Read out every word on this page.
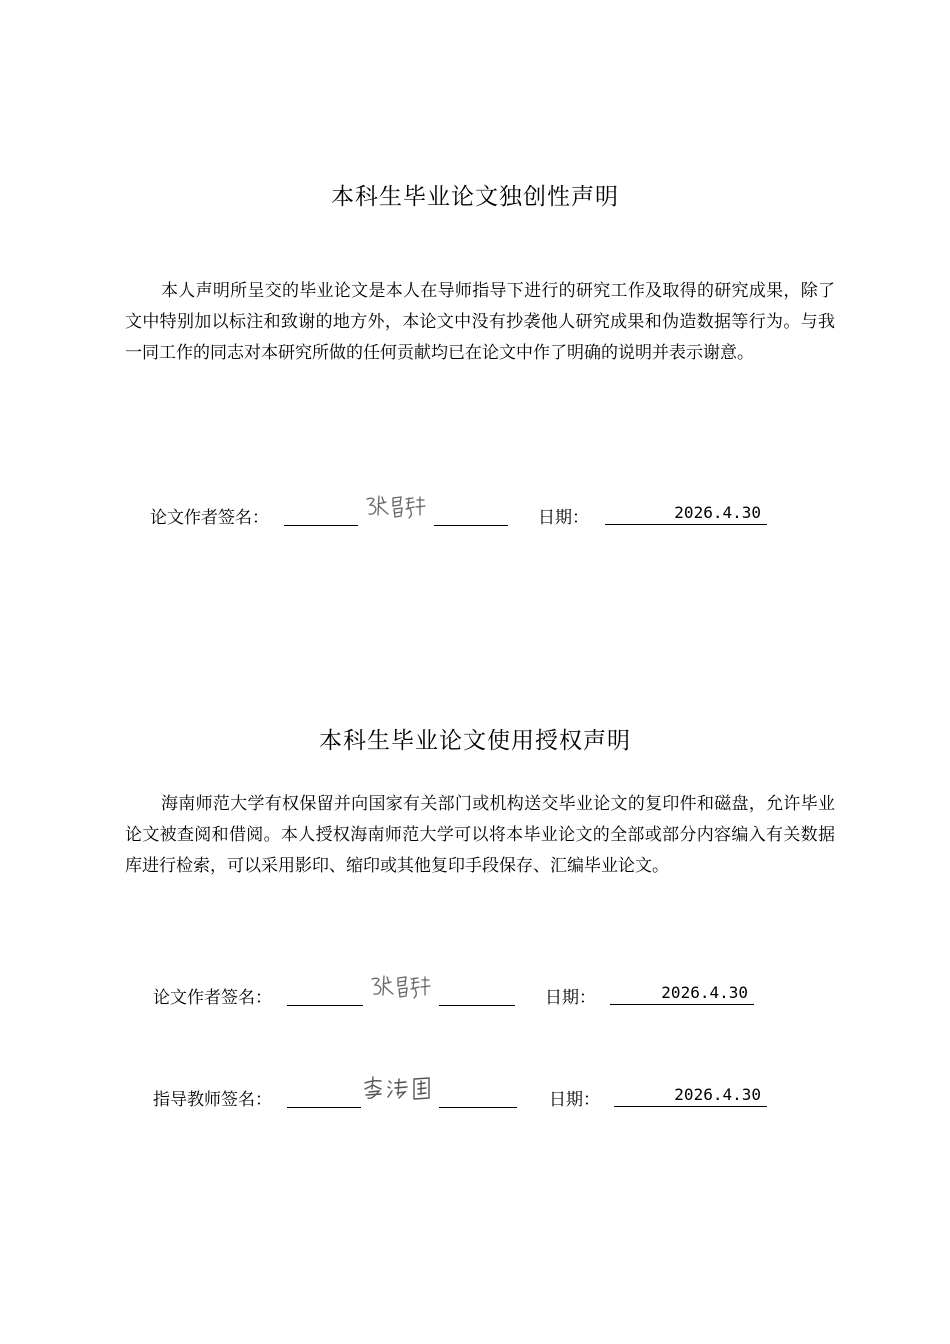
本科生毕业论文独创性声明
本人声明所呈交的毕业论文是本人在导师指导下进行的研究工作及取得的研究成果，除了文中特别加以标注和致谢的地方外，本论文中没有抄袭他人研究成果和伪造数据等行为。与我一同工作的同志对本研究所做的任何贡献均已在论文中作了明确的说明并表示谢意。
论文作者签名：	日期：	2026.4.30
本科生毕业论文使用授权声明
海南师范大学有权保留并向国家有关部门或机构送交毕业论文的复印件和磁盘，允许毕业论文被查阅和借阅。本人授权海南师范大学可以将本毕业论文的全部或部分内容编入有关数据库进行检索，可以采用影印、缩印或其他复印手段保存、汇编毕业论文。
论文作者签名：	日期：	2026.4.30
指导教师签名：	日期：	2026.4.30
